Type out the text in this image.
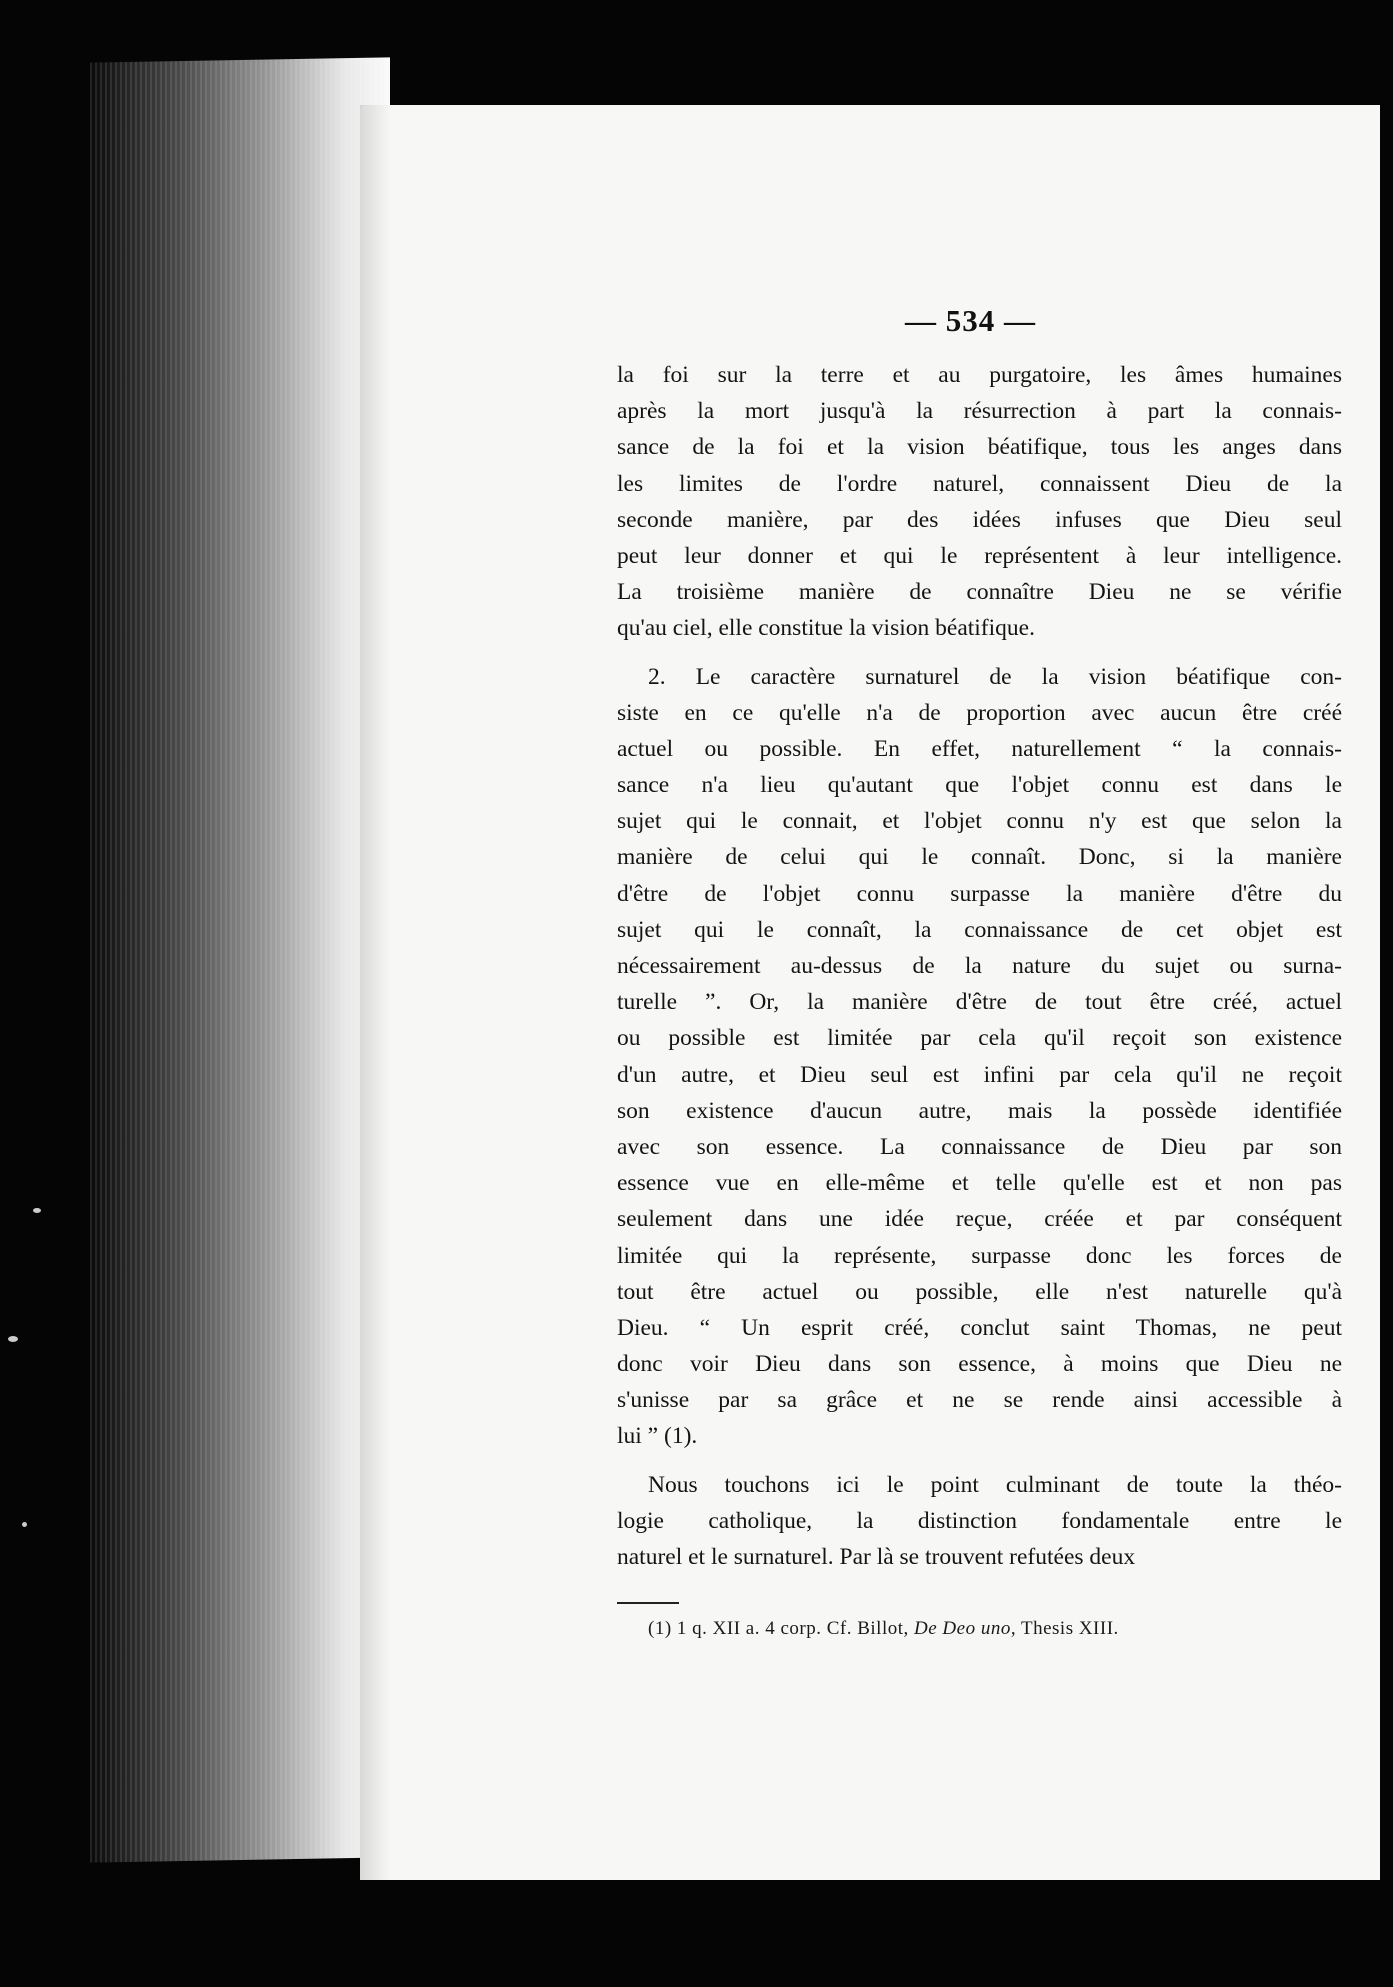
— 534 —
la foi sur la terre et au purgatoire, les âmes humaines
après la mort jusqu'à la résurrection à part la connais-
sance de la foi et la vision béatifique, tous les anges dans
les limites de l'ordre naturel, connaissent Dieu de la
seconde manière, par des idées infuses que Dieu seul
peut leur donner et qui le représentent à leur intelligence.
La troisième manière de connaître Dieu ne se vérifie
qu'au ciel, elle constitue la vision béatifique.
2. Le caractère surnaturel de la vision béatifique con-
siste en ce qu'elle n'a de proportion avec aucun être créé
actuel ou possible. En effet, naturellement “ la connais-
sance n'a lieu qu'autant que l'objet connu est dans le
sujet qui le connait, et l'objet connu n'y est que selon la
manière de celui qui le connaît. Donc, si la manière
d'être de l'objet connu surpasse la manière d'être du
sujet qui le connaît, la connaissance de cet objet est
nécessairement au-dessus de la nature du sujet ou surna-
turelle ”. Or, la manière d'être de tout être créé, actuel
ou possible est limitée par cela qu'il reçoit son existence
d'un autre, et Dieu seul est infini par cela qu'il ne reçoit
son existence d'aucun autre, mais la possède identifiée
avec son essence. La connaissance de Dieu par son
essence vue en elle-même et telle qu'elle est et non pas
seulement dans une idée reçue, créée et par conséquent
limitée qui la représente, surpasse donc les forces de
tout être actuel ou possible, elle n'est naturelle qu'à
Dieu. “ Un esprit créé, conclut saint Thomas, ne peut
donc voir Dieu dans son essence, à moins que Dieu ne
s'unisse par sa grâce et ne se rende ainsi accessible à
lui ” (1).
Nous touchons ici le point culminant de toute la théo-
logie catholique, la distinction fondamentale entre le
naturel et le surnaturel. Par là se trouvent refutées deux
(1) 1 q. XII a. 4 corp. Cf. Billot, De Deo uno, Thesis XIII.
